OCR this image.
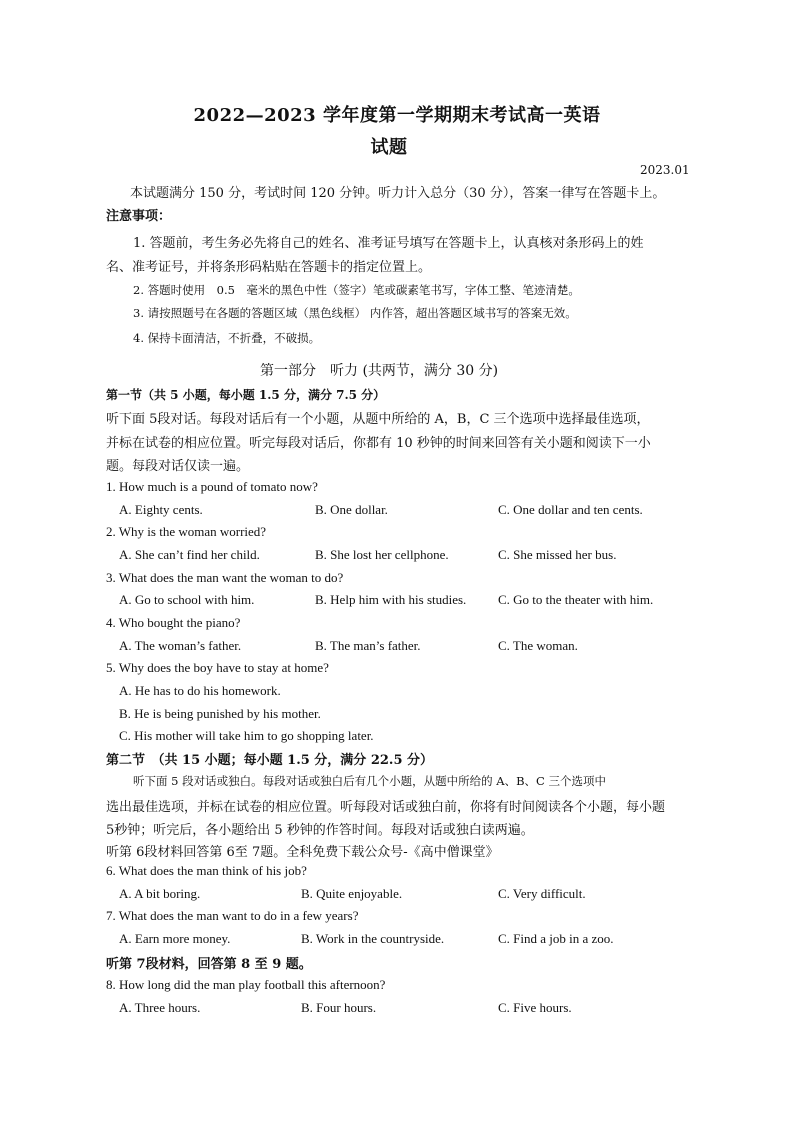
2022—2023 学年度第一学期期末考试高一英语
试题
2023.01
本试题满分 150 分，考试时间 120 分钟。听力计入总分（30 分），答案一律写在答题卡上。
注意事项：
1. 答题前，考生务必先将自己的姓名、准考证号填写在答题卡上，认真核对条形码上的姓
名、准考证号，并将条形码粘贴在答题卡的指定位置上。
2. 答题时使用　0.5　毫米的黑色中性（签字）笔或碳素笔书写，字体工整、笔迹清楚。
3. 请按照题号在各题的答题区域（黑色线框） 内作答，超出答题区域书写的答案无效。
4. 保持卡面清洁，不折叠，不破损。
第一部分　听力 (共两节，满分 30 分)
第一节（共 5 小题，每小题 1.5 分，满分 7.5 分）
听下面 5段对话。每段对话后有一个小题，从题中所给的 A，B，C 三个选项中选择最佳选项，
并标在试卷的相应位置。听完每段对话后，你都有 10 秒钟的时间来回答有关小题和阅读下一小
题。每段对话仅读一遍。
1. How much is a pound of tomato now?
A. Eighty cents.	B. One dollar.	C. One dollar and ten cents.
2. Why is the woman worried?
A. She can’t find her child.	B. She lost her cellphone.	C. She missed her bus.
3. What does the man want the woman to do?
A. Go to school with him.	B. Help him with his studies. C. Go to the theater with him.
4. Who bought the piano?
A. The woman’s father.	B. The man’s father.	C. The woman.
5. Why does the boy have to stay at home?
A. He has to do his homework.
B. He is being punished by his mother.
C. His mother will take him to go shopping later.
第二节　（共 15 小题；每小题 1.5 分，满分 22.5 分）
听下面 5 段对话或独白。每段对话或独白后有几个小题，从题中所给的 A、B、C 三个选项中
选出最佳选项，并标在试卷的相应位置。听每段对话或独白前，你将有时间阅读各个小题，每小题
5秒钟；听完后，各小题给出 5 秒钟的作答时间。每段对话或独白读两遍。
听第 6段材料回答第 6至 7题。全科免费下载公众号-《高中僧课堂》
6. What does the man think of his job?
A. A bit boring.	B. Quite enjoyable.	C. Very difficult.
7. What does the man want to do in a few years?
A. Earn more money.	B. Work in the countryside.	C. Find a job in a zoo.
听第 7段材料，回答第 8 至 9 题。
8. How long did the man play football this afternoon?
A. Three hours.	B. Four hours.	C. Five hours.
